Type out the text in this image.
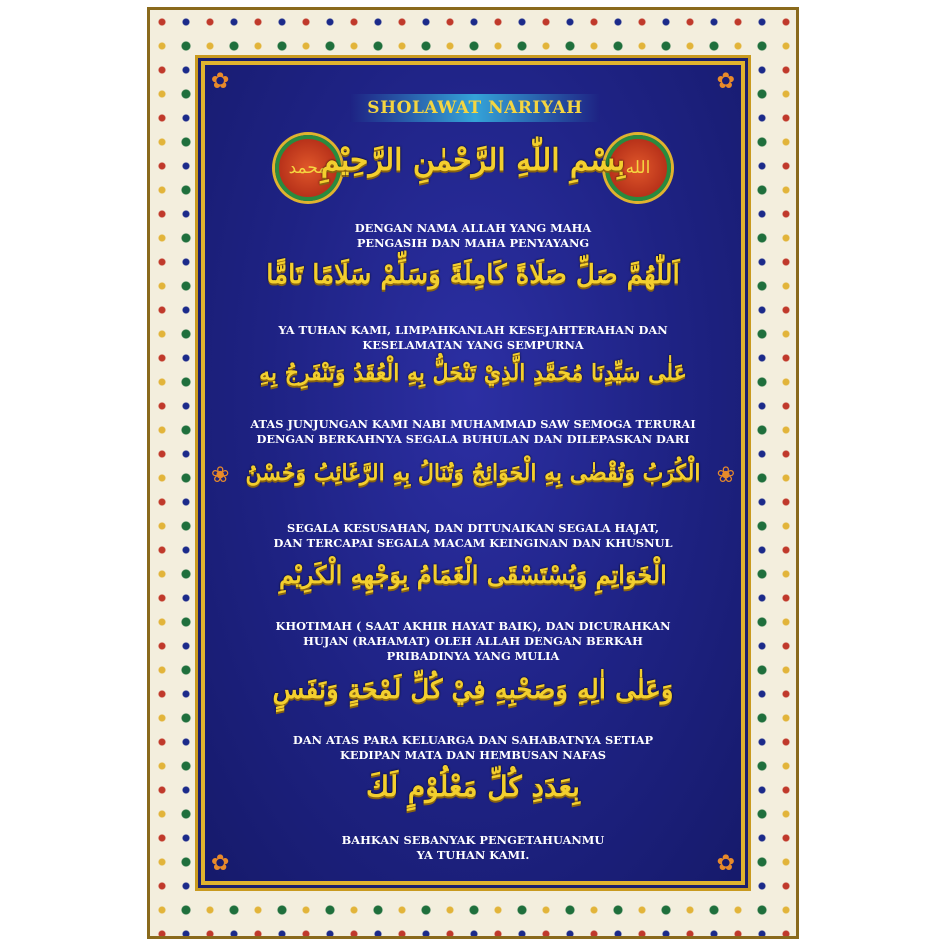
✿	✿
❀	❀
✿	✿
SHOLAWAT NARIYAH
محمد	الله
بِسْمِ اللّٰهِ الرَّحْمٰنِ الرَّحِيْمِ
DENGAN NAMA ALLAH YANG MAHA
PENGASIH DAN MAHA PENYAYANG
اَللّٰهُمَّ صَلِّ صَلَاةً كَامِلَةً وَسَلِّمْ سَلَامًا تَامًّا
YA TUHAN KAMI, LIMPAHKANLAH KESEJAHTERAHAN DAN
KESELAMATAN YANG SEMPURNA
عَلٰى سَيِّدِنَا مُحَمَّدِ الَّذِيْ تَنْحَلُّ بِهِ الْعُقَدُ وَتَنْفَرِجُ بِهِ
ATAS JUNJUNGAN KAMI NABI MUHAMMAD SAW SEMOGA TERURAI
DENGAN BERKAHNYA SEGALA BUHULAN DAN DILEPASKAN DARI
الْكُرَبُ وَتُقْضٰى بِهِ الْحَوَائِجُ وَتُنَالُ بِهِ الرَّغَائِبُ وَحُسْنُ
SEGALA KESUSAHAN, DAN DITUNAIKAN SEGALA HAJAT,
DAN TERCAPAI SEGALA MACAM KEINGINAN DAN KHUSNUL
الْخَوَاتِمِ وَيُسْتَسْقَى الْغَمَامُ بِوَجْهِهِ الْكَرِيْمِ
KHOTIMAH ( SAAT AKHIR HAYAT BAIK), DAN DICURAHKAN
HUJAN (RAHAMAT) OLEH ALLAH DENGAN BERKAH
PRIBADINYA YANG MULIA
وَعَلٰى اٰلِهِ وَصَحْبِهِ فِيْ كُلِّ لَمْحَةٍ وَنَفَسٍ
DAN ATAS PARA KELUARGA DAN SAHABATNYA SETIAP
KEDIPAN MATA DAN HEMBUSAN NAFAS
بِعَدَدِ كُلِّ مَعْلُوْمٍ لَكَ
BAHKAN SEBANYAK PENGETAHUANMU
YA TUHAN KAMI.
